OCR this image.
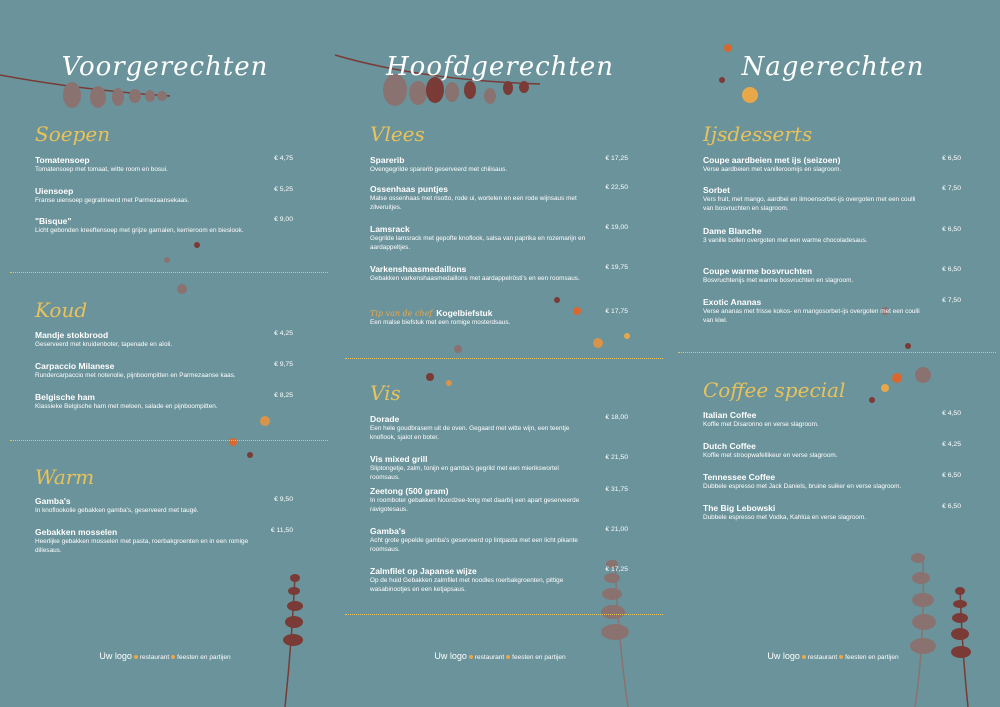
Voorgerechten
Soepen
Tomatensoep
Tomatensoep met tomaat, witte room en bosui.
€ 4,75
Uiensoep
Franse uiensoep gegratineerd met Parmezaansekaas.
€ 5,25
"Bisque"
Licht gebonden kreeftensoep met grijze garnalen, kerrieroom en bieslook.
€ 9,00
Koud
Mandje stokbrood
Geserveerd met kruidenboter, tapenade en aïoli.
€ 4,25
Carpaccio Milanese
Rundercarpaccio met notenolie, pijnboompitten en Parmezaanse kaas.
€ 9,75
Belgische ham
Klassieke Belgische ham met meloen, salade en pijnboompitten.
€ 8,25
Warm
Gamba's
In knoflookolie gebakken gamba's, geserveerd met taugé.
€ 9,50
Gebakken mosselen
Heerlijke gebakken mosselen met pasta, roerbakgroenten en in een romige dillesaus.
€ 11,50
Uw logo restaurant feesten en partijen
Hoofdgerechten
Vlees
Sparerib
Ovengegrilde sparerib geserveerd met chilisaus.
€ 17,25
Ossenhaas puntjes
Malse ossenhaas met risotto, rode ui, wortelen en een rode wijnsaus met zilveruitjes.
€ 22,50
Lamsrack
Gegrilde lamsrack met gepofte knoflook, salsa van paprika en rozemarijn en aardappeltjes.
€ 19,00
Varkenshaasmedaillons
Gebakken varkenshaasmedaillons met aardappelrösti's en een roomsaus.
€ 19,75
Tip van de chef Kogelbiefstuk
Een malse biefstuk met een romige mosterdsaus.
€ 17,75
Vis
Dorade
Een hele goudbrasem uit de oven. Gegaard met witte wijn, een teentje knoflook, sjalot en boter.
€ 18,00
Vis mixed grill
Sliptongetje, zalm, tonijn en gamba's gegrild met een mierikswortel roomsaus.
€ 21,50
Zeetong (500 gram)
In roomboter gebakken Noordzee-tong met daarbij een apart geserveerde ravigotesaus.
€ 31,75
Gamba's
Acht grote gepelde gamba's geserveerd op lintpasta met een licht pikante roomsaus.
€ 21,00
Zalmfilet op Japanse wijze
Op de huid Gebakken zalmfilet met noodles roerbakgroenten, pittige wasabinootjes en een ketjapsaus.
€ 17,25
Uw logo restaurant feesten en partijen
Nagerechten
Ijsdesserts
Coupe aardbeien met ijs (seizoen)
Verse aardbeien met vanilleroomijs en slagroom.
€ 6,50
Sorbet
Vers fruit, met mango, aardbei en limoensorbet-ijs overgoten met een coulli van bosvruchten en slagroom.
€ 7,50
Dame Blanche
3 vanille bollen overgoten met een warme chocoladesaus.
€ 6,50
Coupe warme bosvruchten
Bosvruchtenijs met warme bosvruchten en slagroom.
€ 6,50
Exotic Ananas
Verse ananas met frisse kokos- en mangosorbet-ijs overgoten met een coulli van kiwi.
€ 7,50
Coffee special
Italian Coffee
Koffie met Disaronno en verse slagroom.
€ 4,50
Dutch Coffee
Koffie met stroopwafellikeur en verse slagroom.
€ 4,25
Tennessee Coffee
Dubbele espresso met Jack Daniels, bruine suiker en verse slagroom.
€ 6,50
The Big Lebowski
Dubbele espresso met Vodka, Kahlúa en verse slagroom.
€ 6,50
Uw logo restaurant feesten en partijen
